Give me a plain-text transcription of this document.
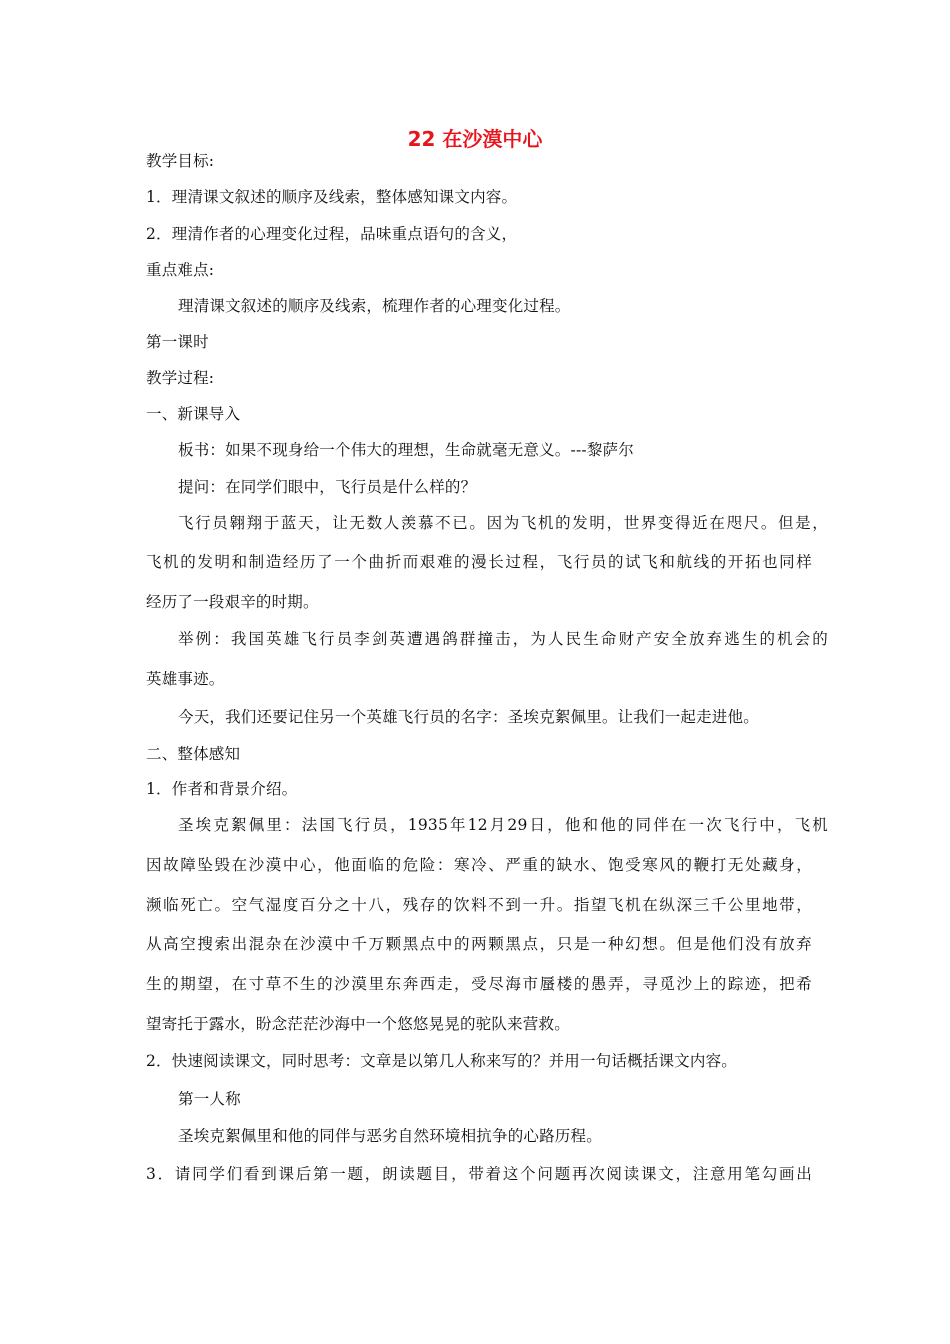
22 在沙漠中心
教学目标:
1．理清课文叙述的顺序及线索，整体感知课文内容。
2．理清作者的心理变化过程，品味重点语句的含义，
重点难点:
理清课文叙述的顺序及线索，梳理作者的心理变化过程。
第一课时
教学过程:
一、新课导入
板书：如果不现身给一个伟大的理想，生命就毫无意义。---黎萨尔
提问：在同学们眼中，飞行员是什么样的？
飞行员翱翔于蓝天，让无数人羡慕不已。因为飞机的发明，世界变得近在咫尺。但是，
飞机的发明和制造经历了一个曲折而艰难的漫长过程，飞行员的试飞和航线的开拓也同样
经历了一段艰辛的时期。
举例：我国英雄飞行员李剑英遭遇鸽群撞击，为人民生命财产安全放弃逃生的机会的
英雄事迹。
今天，我们还要记住另一个英雄飞行员的名字：圣埃克絮佩里。让我们一起走进他。
二、整体感知
1．作者和背景介绍。
圣埃克絮佩里：法国飞行员，1935年12月29日，他和他的同伴在一次飞行中，飞机
因故障坠毁在沙漠中心，他面临的危险：寒冷、严重的缺水、饱受寒风的鞭打无处藏身，
濒临死亡。空气湿度百分之十八，残存的饮料不到一升。指望飞机在纵深三千公里地带，
从高空搜索出混杂在沙漠中千万颗黑点中的两颗黑点，只是一种幻想。但是他们没有放弃
生的期望，在寸草不生的沙漠里东奔西走，受尽海市蜃楼的愚弄，寻觅沙上的踪迹，把希
望寄托于露水，盼念茫茫沙海中一个悠悠晃晃的驼队来营救。
2．快速阅读课文，同时思考：文章是以第几人称来写的？并用一句话概括课文内容。
第一人称
圣埃克絮佩里和他的同伴与恶劣自然环境相抗争的心路历程。
3．请同学们看到课后第一题，朗读题目，带着这个问题再次阅读课文，注意用笔勾画出
